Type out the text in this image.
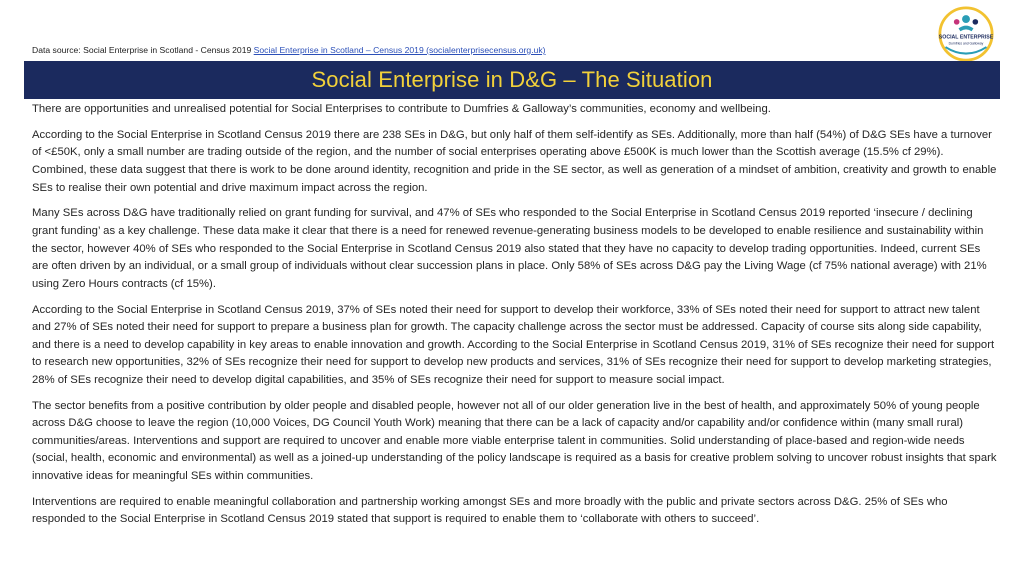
Data source: Social Enterprise in Scotland - Census 2019 Social Enterprise in Scotland – Census 2019 (socialenterprisecensus.org.uk)
SOCIAL ENTERPRISE
Dumfries and Galloway
Social Enterprise in D&G – The Situation

There are opportunities and unrealised potential for Social Enterprises to contribute to Dumfries & Galloway’s communities, economy and wellbeing.

According to the Social Enterprise in Scotland Census 2019 there are 238 SEs in D&G, but only half of them self-identify as SEs. Additionally, more than half (54%) of D&G SEs have a turnover of <£50K, only a small number are trading outside of the region, and the number of social enterprises operating above £500K is much lower than the Scottish average (15.5% cf 29%). Combined, these data suggest that there is work to be done around identity, recognition and pride in the SE sector, as well as generation of a mindset of ambition, creativity and growth to enable SEs to realise their own potential and drive maximum impact across the region.

Many SEs across D&G have traditionally relied on grant funding for survival, and 47% of SEs who responded to the Social Enterprise in Scotland Census 2019 reported ‘insecure / declining grant funding’ as a key challenge. These data make it clear that there is a need for renewed revenue-generating business models to be developed to enable resilience and sustainability within the sector, however 40% of SEs who responded to the Social Enterprise in Scotland Census 2019 also stated that they have no capacity to develop trading opportunities. Indeed, current SEs are often driven by an individual, or a small group of individuals without clear succession plans in place. Only 58% of SEs across D&G pay the Living Wage (cf 75% national average) with 21% using Zero Hours contracts (cf 15%).

According to the Social Enterprise in Scotland Census 2019, 37% of SEs noted their need for support to develop their workforce, 33% of SEs noted their need for support to attract new talent and 27% of SEs noted their need for support to prepare a business plan for growth. The capacity challenge across the sector must be addressed. Capacity of course sits along side capability, and there is a need to develop capability in key areas to enable innovation and growth. According to the Social Enterprise in Scotland Census 2019, 31% of SEs recognize their need for support to research new opportunities, 32% of SEs recognize their need for support to develop new products and services, 31% of SEs recognize their need for support to develop marketing strategies, 28% of SEs recognize their need to develop digital capabilities, and 35% of SEs recognize their need for support to measure social impact.

The sector benefits from a positive contribution by older people and disabled people, however not all of our older generation live in the best of health, and approximately 50% of young people across D&G choose to leave the region (10,000 Voices, DG Council Youth Work) meaning that there can be a lack of capacity and/or capability and/or confidence within (many small rural) communities/areas. Interventions and support are required to uncover and enable more viable enterprise talent in communities. Solid understanding of place-based and region-wide needs (social, health, economic and environmental) as well as a joined-up understanding of the policy landscape is required as a basis for creative problem solving to uncover robust insights that spark innovative ideas for meaningful SEs within communities.

Interventions are required to enable meaningful collaboration and partnership working amongst SEs and more broadly with the public and private sectors across D&G. 25% of SEs who responded to the Social Enterprise in Scotland Census 2019 stated that support is required to enable them to ‘collaborate with others to succeed’.
